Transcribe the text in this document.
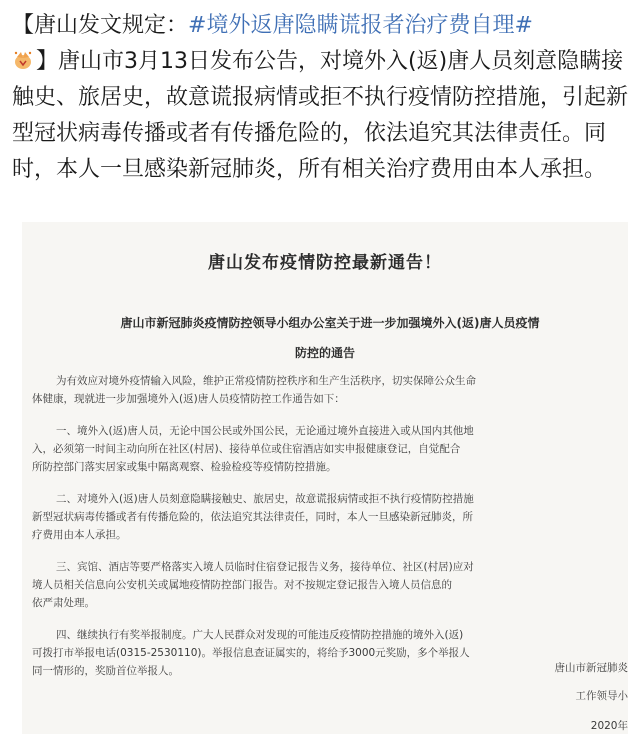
【唐山发文规定：#境外返唐隐瞒谎报者治疗费自理#
】唐山市3月13日发布公告，对境外入(返)唐人员刻意隐瞒接触史、旅居史，故意谎报病情或拒不执行疫情防控措施，引起新型冠状病毒传播或者有传播危险的，依法追究其法律责任。同时，本人一旦感染新冠肺炎，所有相关治疗费用由本人承担。
唐山发布疫情防控最新通告！
唐山市新冠肺炎疫情防控领导小组办公室关于进一步加强境外入(返)唐人员疫情
防控的通告

为有效应对境外疫情输入风险，维护正常疫情防控秩序和生产生活秩序，切实保障公众生命

体健康，现就进一步加强境外入(返)唐人员疫情防控工作通告如下：

一、境外入(返)唐人员，无论中国公民或外国公民，无论通过境外直接进入或从国内其他地

入，必须第一时间主动向所在社区(村居)、接待单位或住宿酒店如实申报健康登记，自觉配合

所防控部门落实居家或集中隔离观察、检验检疫等疫情防控措施。

二、对境外入(返)唐人员刻意隐瞒接触史、旅居史，故意谎报病情或拒不执行疫情防控措施

新型冠状病毒传播或者有传播危险的，依法追究其法律责任，同时，本人一旦感染新冠肺炎，所

疗费用由本人承担。

三、宾馆、酒店等要严格落实入境人员临时住宿登记报告义务，接待单位、社区(村居)应对

境人员相关信息向公安机关或属地疫情防控部门报告。对不按规定登记报告入境人员信息的

依严肃处理。

四、继续执行有奖举报制度。广大人民群众对发现的可能违反疫情防控措施的境外入(返)

可拨打市举报电话(0315-2530110)。举报信息查证属实的，将给予3000元奖励，多个举报人

同一情形的，奖励首位举报人。	唐山市新冠肺炎
工作领导小
2020年
